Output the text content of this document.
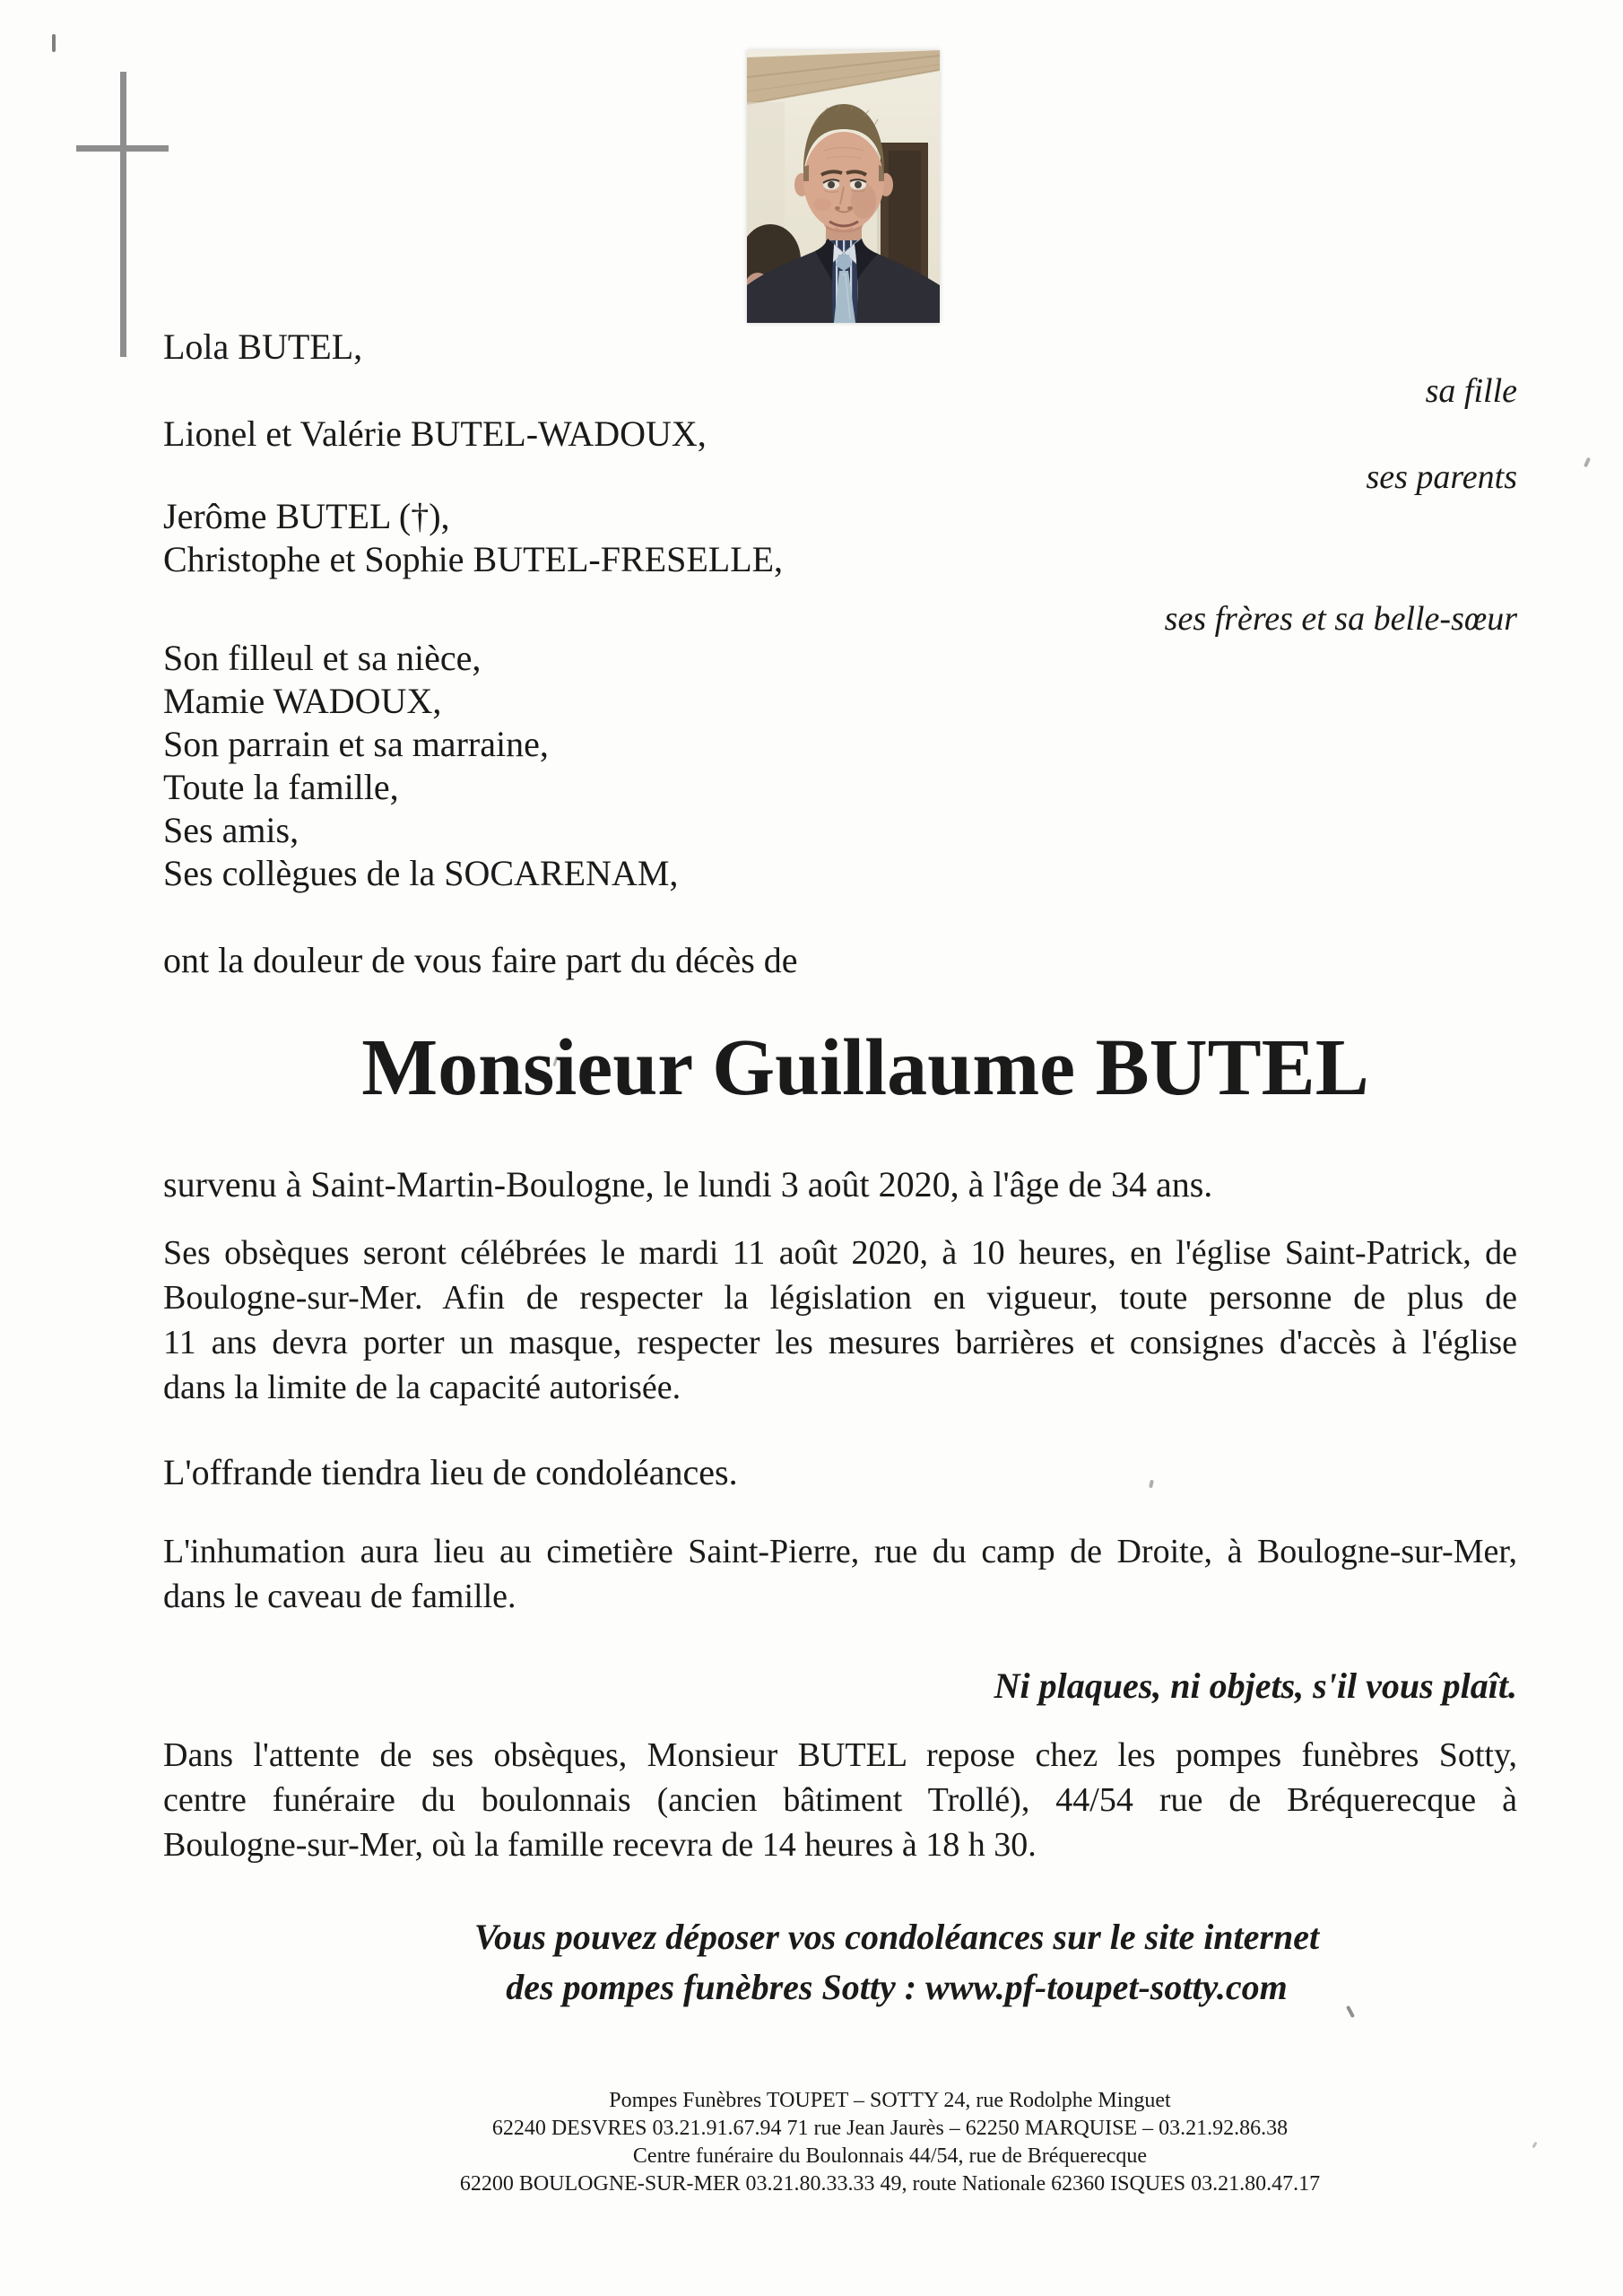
Lola BUTEL,
sa fille
Lionel et Valérie BUTEL-WADOUX,
ses parents
Jerôme BUTEL (†),
Christophe et Sophie BUTEL-FRESELLE,
ses frères et sa belle-sœur
Son filleul et sa nièce,
Mamie WADOUX,
Son parrain et sa marraine,
Toute la famille,
Ses amis,
Ses collègues de la SOCARENAM,
ont la douleur de vous faire part du décès de
Monsieur Guillaume BUTEL
survenu à Saint-Martin-Boulogne, le lundi 3 août 2020, à l'âge de 34 ans.
Ses obsèques seront célébrées le mardi 11 août 2020, à 10 heures, en l'église Saint-Patrick, de
Boulogne-sur-Mer. Afin de respecter la législation en vigueur, toute personne de plus de
11 ans devra porter un masque, respecter les mesures barrières et consignes d'accès à l'église
dans la limite de la capacité autorisée.
L'offrande tiendra lieu de condoléances.
L'inhumation aura lieu au cimetière Saint-Pierre, rue du camp de Droite, à Boulogne-sur-Mer,
dans le caveau de famille.
Ni plaques, ni objets, s'il vous plaît.
Dans l'attente de ses obsèques, Monsieur BUTEL repose chez les pompes funèbres Sotty,
centre funéraire du boulonnais (ancien bâtiment Trollé), 44/54 rue de Bréquerecque à
Boulogne-sur-Mer, où la famille recevra de 14 heures à 18 h 30.
Vous pouvez déposer vos condoléances sur le site internet
des pompes funèbres Sotty : www.pf-toupet-sotty.com
Pompes Funèbres TOUPET – SOTTY 24, rue Rodolphe Minguet
62240 DESVRES 03.21.91.67.94 71 rue Jean Jaurès – 62250 MARQUISE – 03.21.92.86.38
Centre funéraire du Boulonnais 44/54, rue de Bréquerecque
62200 BOULOGNE-SUR-MER 03.21.80.33.33 49, route Nationale 62360 ISQUES 03.21.80.47.17
